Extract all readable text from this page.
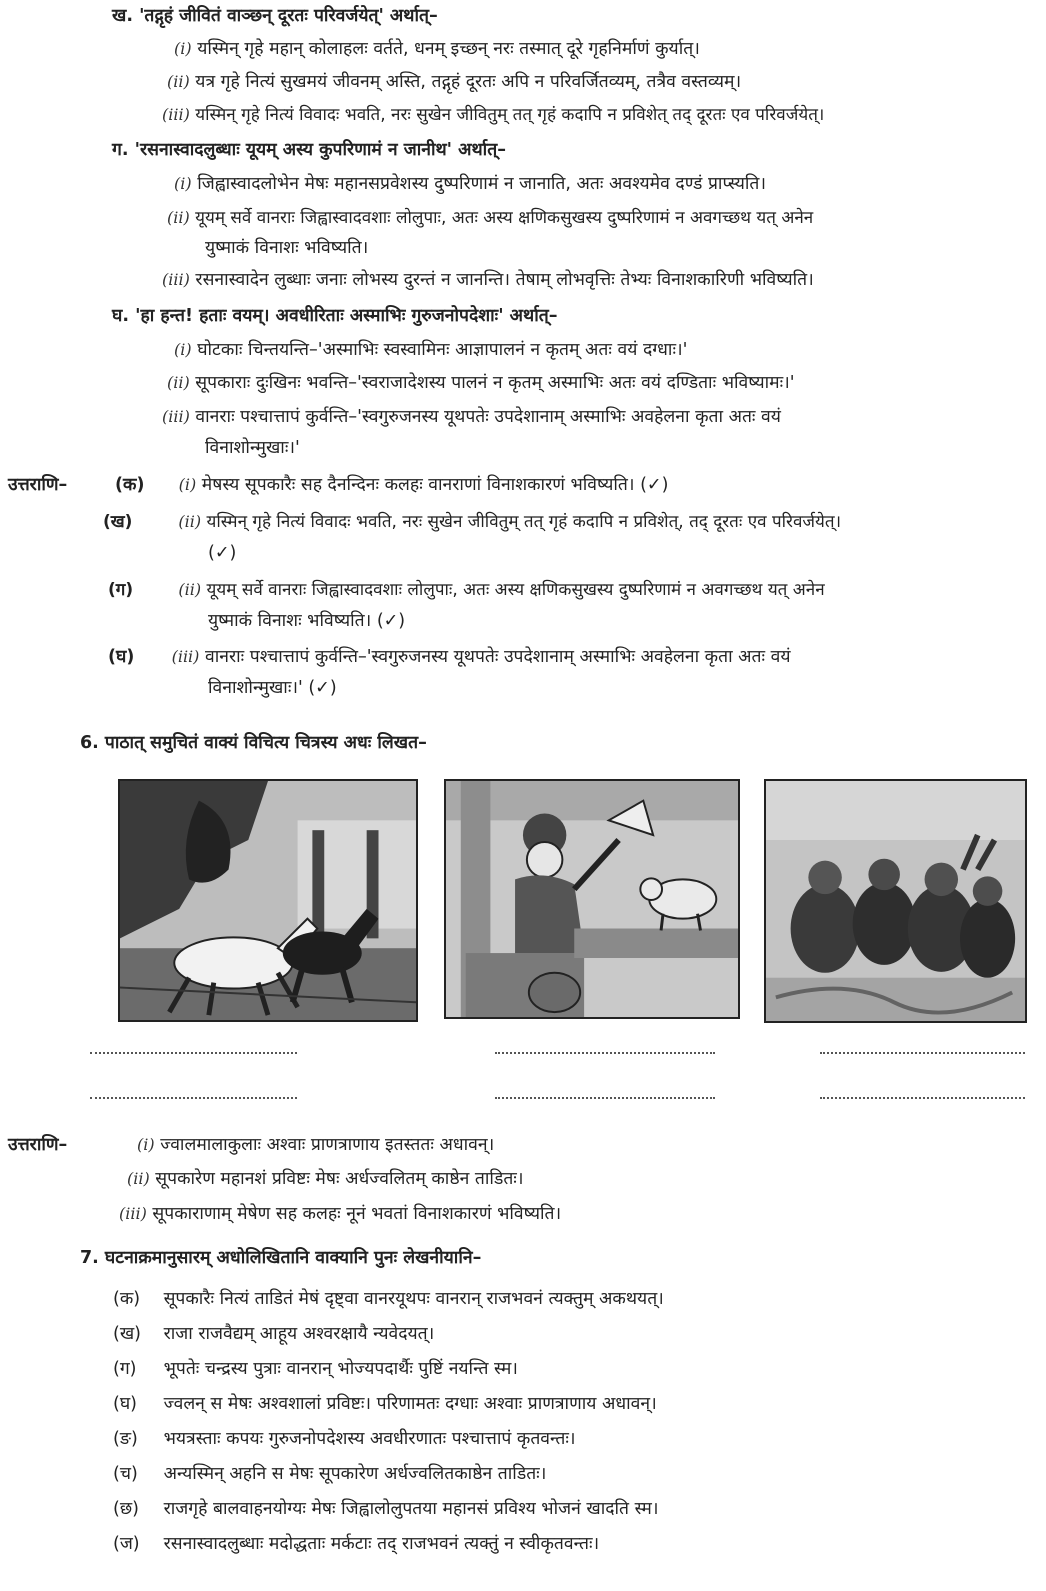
ख. 'तद्गृहं जीवितं वाञ्छन् दूरतः परिवर्जयेत्' अर्थात्–
(i) यस्मिन् गृहे महान् कोलाहलः वर्तते, धनम् इच्छन् नरः तस्मात् दूरे गृहनिर्माणं कुर्यात्।
(ii) यत्र गृहे नित्यं सुखमयं जीवनम् अस्ति, तद्गृहं दूरतः अपि न परिवर्जितव्यम्, तत्रैव वस्तव्यम्।
(iii) यस्मिन् गृहे नित्यं विवादः भवति, नरः सुखेन जीवितुम् तत् गृहं कदापि न प्रविशेत् तद् दूरतः एव परिवर्जयेत्।
ग. 'रसनास्वादलुब्धाः यूयम् अस्य कुपरिणामं न जानीथ' अर्थात्–
(i) जिह्वास्वादलोभेन मेषः महानसप्रवेशस्य दुष्परिणामं न जानाति, अतः अवश्यमेव दण्डं प्राप्स्यति।
(ii) यूयम् सर्वे वानराः जिह्वास्वादवशाः लोलुपाः, अतः अस्य क्षणिकसुखस्य दुष्परिणामं न अवगच्छथ यत् अनेन
युष्माकं विनाशः भविष्यति।
(iii) रसनास्वादेन लुब्धाः जनाः लोभस्य दुरन्तं न जानन्ति। तेषाम् लोभवृत्तिः तेभ्यः विनाशकारिणी भविष्यति।
घ. 'हा हन्त! हताः वयम्। अवधीरिताः अस्माभिः गुरुजनोपदेशाः' अर्थात्–
(i) घोटकाः चिन्तयन्ति–'अस्माभिः स्वस्वामिनः आज्ञापालनं न कृतम् अतः वयं दग्धाः।'
(ii) सूपकाराः दुःखिनः भवन्ति–'स्वराजादेशस्य पालनं न कृतम् अस्माभिः अतः वयं दण्डिताः भविष्यामः।'
(iii) वानराः पश्चात्तापं कुर्वन्ति–'स्वगुरुजनस्य यूथपतेः उपदेशानाम् अस्माभिः अवहेलना कृता अतः वयं
विनाशोन्मुखाः।'
उत्तराणि–	(क) (i) मेषस्य सूपकारैः सह दैनन्दिनः कलहः वानराणां विनाशकारणं भविष्यति। (✓)
(ख)	(ii) यस्मिन् गृहे नित्यं विवादः भवति, नरः सुखेन जीवितुम् तत् गृहं कदापि न प्रविशेत्, तद् दूरतः एव परिवर्जयेत्।
(✓)
(ग)	(ii) यूयम् सर्वे वानराः जिह्वास्वादवशाः लोलुपाः, अतः अस्य क्षणिकसुखस्य दुष्परिणामं न अवगच्छथ यत् अनेन
युष्माकं विनाशः भविष्यति। (✓)
(घ) (iii) वानराः पश्चात्तापं कुर्वन्ति–'स्वगुरुजनस्य यूथपतेः उपदेशानाम् अस्माभिः अवहेलना कृता अतः वयं
विनाशोन्मुखाः।' (✓)
6. पाठात् समुचितं वाक्यं विचित्य चित्रस्य अधः लिखत–
उत्तराणि–	(i) ज्वालमालाकुलाः अश्वाः प्राणत्राणाय इतस्ततः अधावन्।
(ii) सूपकारेण महानशं प्रविष्टः मेषः अर्धज्वलितम् काष्ठेन ताडितः।
(iii) सूपकाराणाम् मेषेण सह कलहः नूनं भवतां विनाशकारणं भविष्यति।
7. घटनाक्रमानुसारम् अधोलिखितानि वाक्यानि पुनः लेखनीयानि–
(क) सूपकारैः नित्यं ताडितं मेषं दृष्ट्वा वानरयूथपः वानरान् राजभवनं त्यक्तुम् अकथयत्।
(ख) राजा राजवैद्यम् आहूय अश्वरक्षायै न्यवेदयत्।
(ग) भूपतेः चन्द्रस्य पुत्राः वानरान् भोज्यपदार्थैः पुष्टिं नयन्ति स्म।
(घ) ज्वलन् स मेषः अश्वशालां प्रविष्टः। परिणामतः दग्धाः अश्वाः प्राणत्राणाय अधावन्।
(ङ) भयत्रस्ताः कपयः गुरुजनोपदेशस्य अवधीरणातः पश्चात्तापं कृतवन्तः।
(च) अन्यस्मिन् अहनि स मेषः सूपकारेण अर्धज्वलितकाष्ठेन ताडितः।
(छ) राजगृहे बालवाहनयोग्यः मेषः जिह्वालोलुपतया महानसं प्रविश्य भोजनं खादति स्म।
(ज) रसनास्वादलुब्धाः मदोद्धताः मर्कटाः तद् राजभवनं त्यक्तुं न स्वीकृतवन्तः।
